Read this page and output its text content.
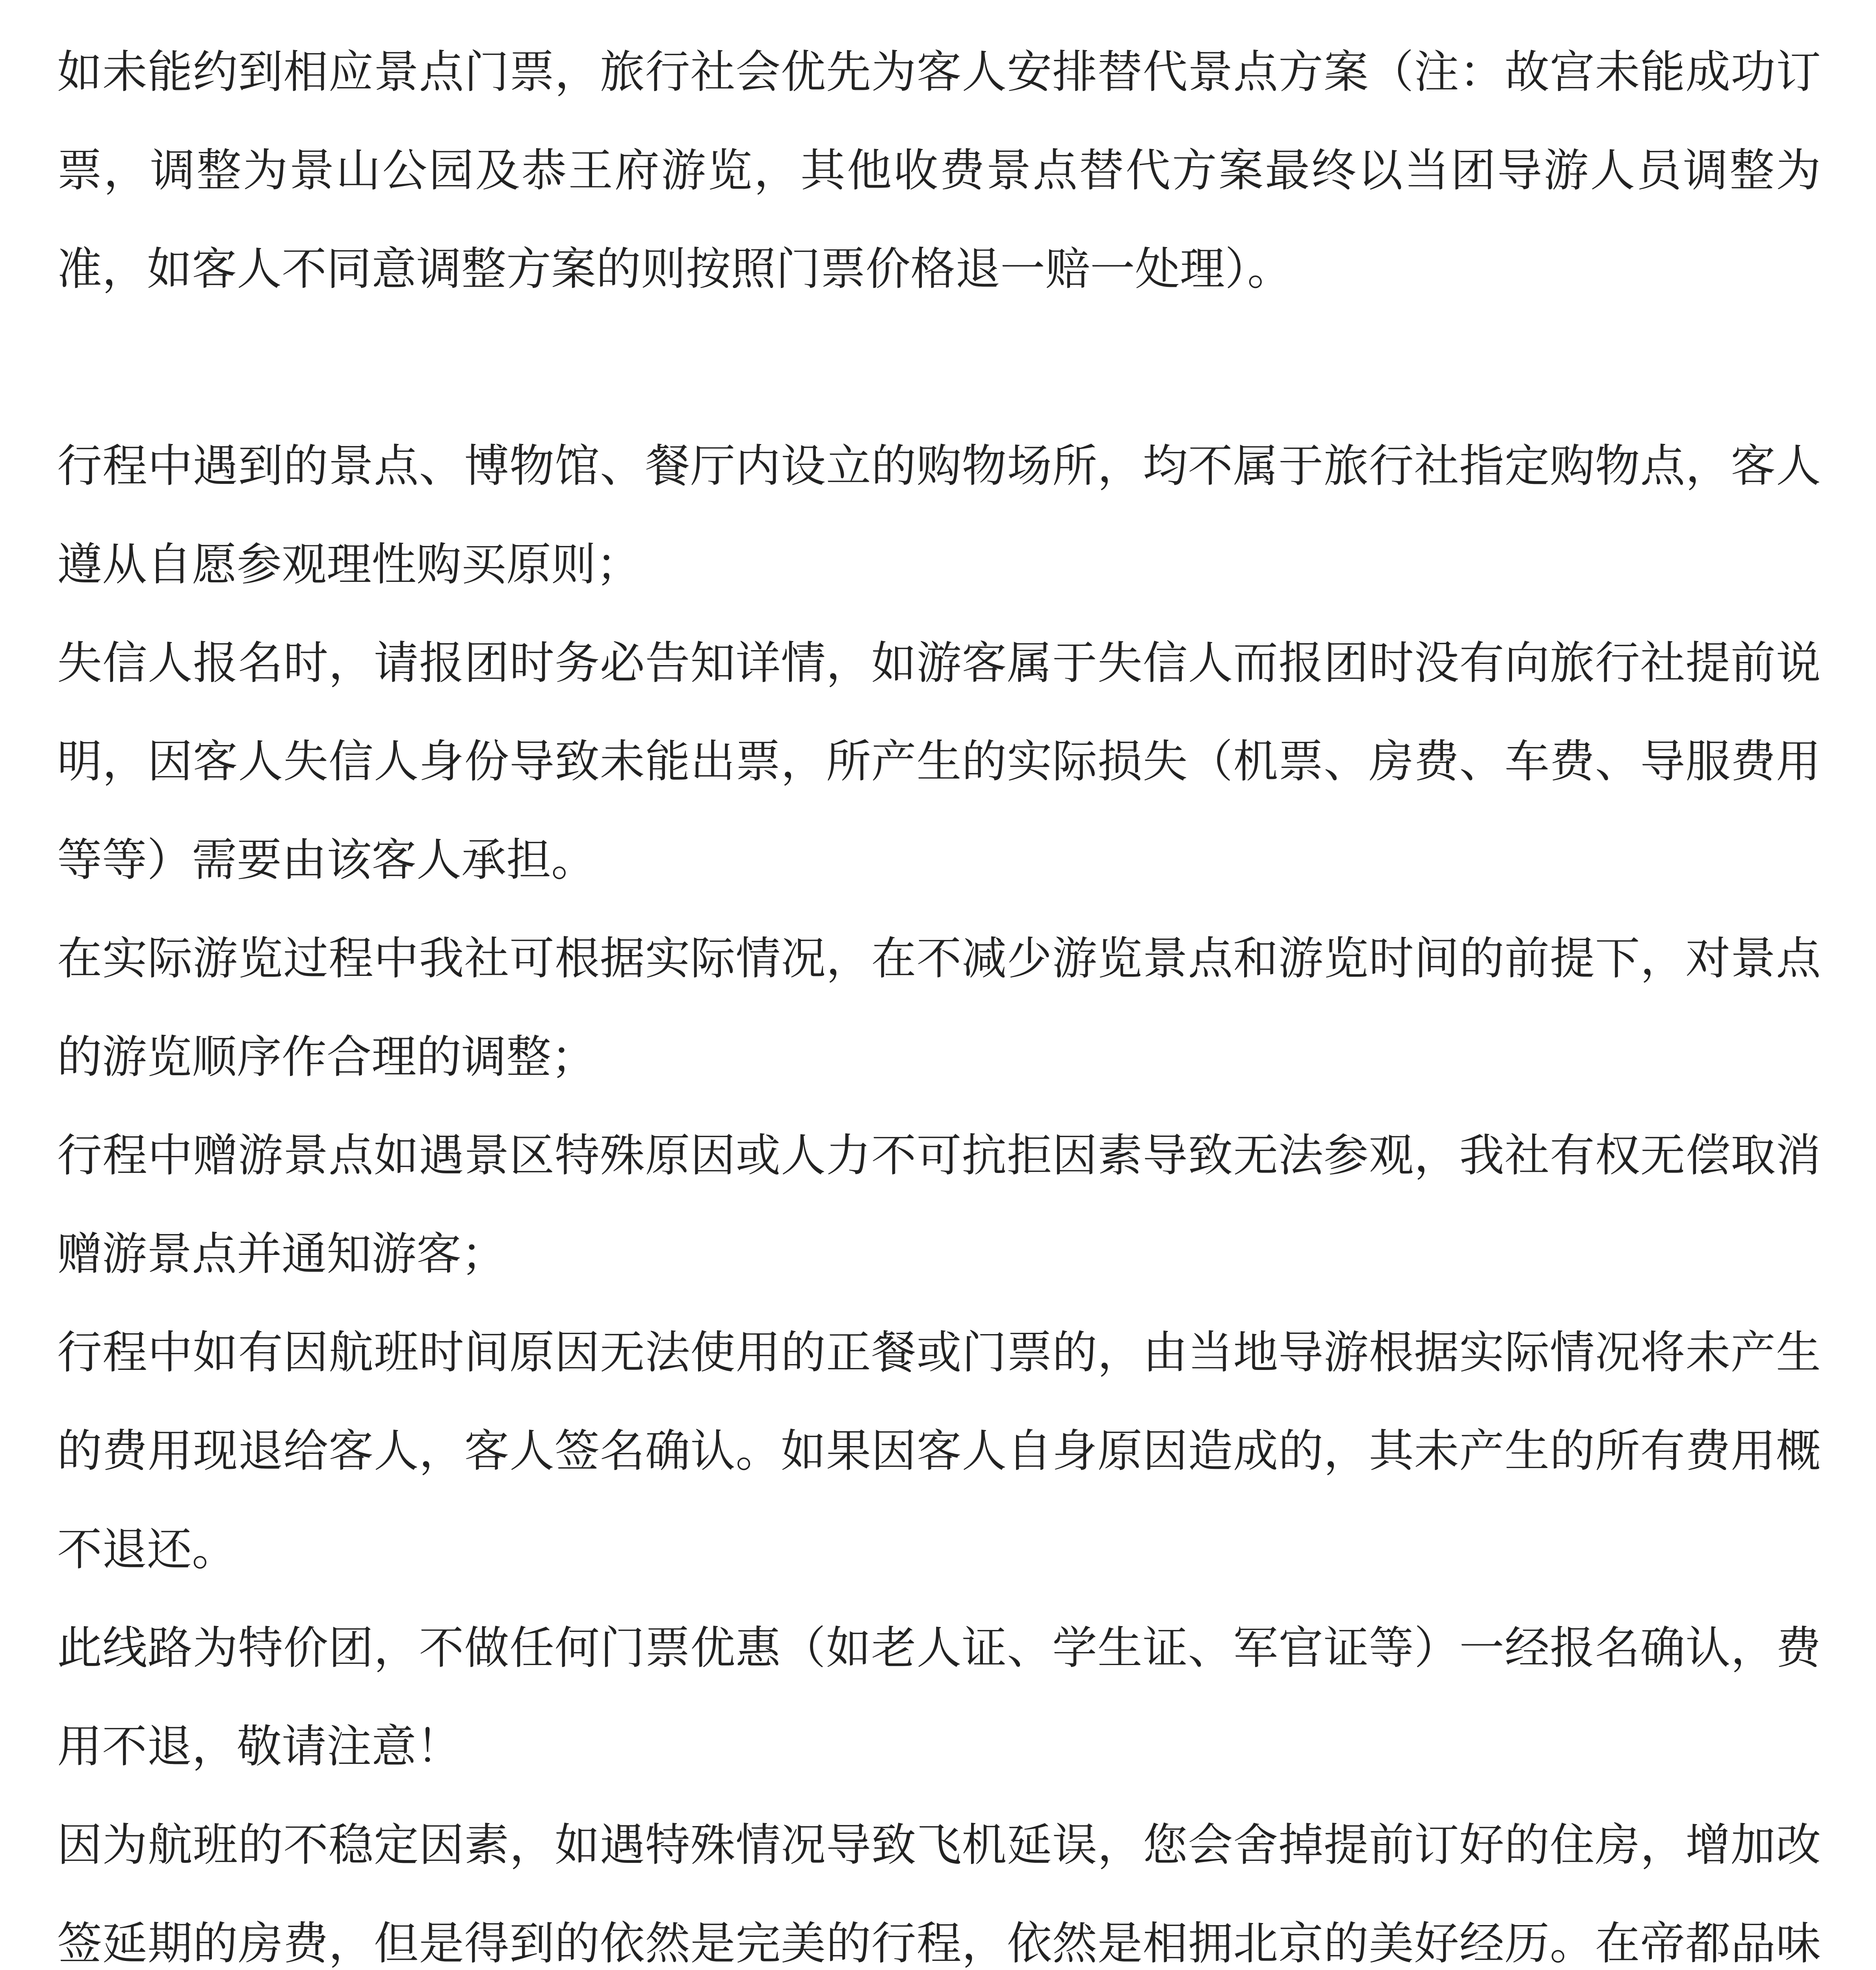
如未能约到相应景点门票，旅行社会优先为客人安排替代景点方案（注：故宫未能成功订票，调整为景山公园及恭王府游览，其他收费景点替代方案最终以当团导游人员调整为准，如客人不同意调整方案的则按照门票价格退一赔一处理）。

行程中遇到的景点、博物馆、餐厅内设立的购物场所，均不属于旅行社指定购物点，客人遵从自愿参观理性购买原则；

失信人报名时，请报团时务必告知详情，如游客属于失信人而报团时没有向旅行社提前说明，因客人失信人身份导致未能出票，所产生的实际损失（机票、房费、车费、导服费用等等）需要由该客人承担。

在实际游览过程中我社可根据实际情况，在不减少游览景点和游览时间的前提下，对景点的游览顺序作合理的调整；

行程中赠游景点如遇景区特殊原因或人力不可抗拒因素导致无法参观，我社有权无偿取消赠游景点并通知游客；

行程中如有因航班时间原因无法使用的正餐或门票的，由当地导游根据实际情况将未产生的费用现退给客人，客人签名确认。如果因客人自身原因造成的，其未产生的所有费用概不退还。

此线路为特价团，不做任何门票优惠（如老人证、学生证、军官证等）一经报名确认，费用不退，敬请注意！

因为航班的不稳定因素，如遇特殊情况导致飞机延误，您会舍掉提前订好的住房，增加改签延期的房费，但是得到的依然是完美的行程，依然是相拥北京的美好经历。在帝都品味
